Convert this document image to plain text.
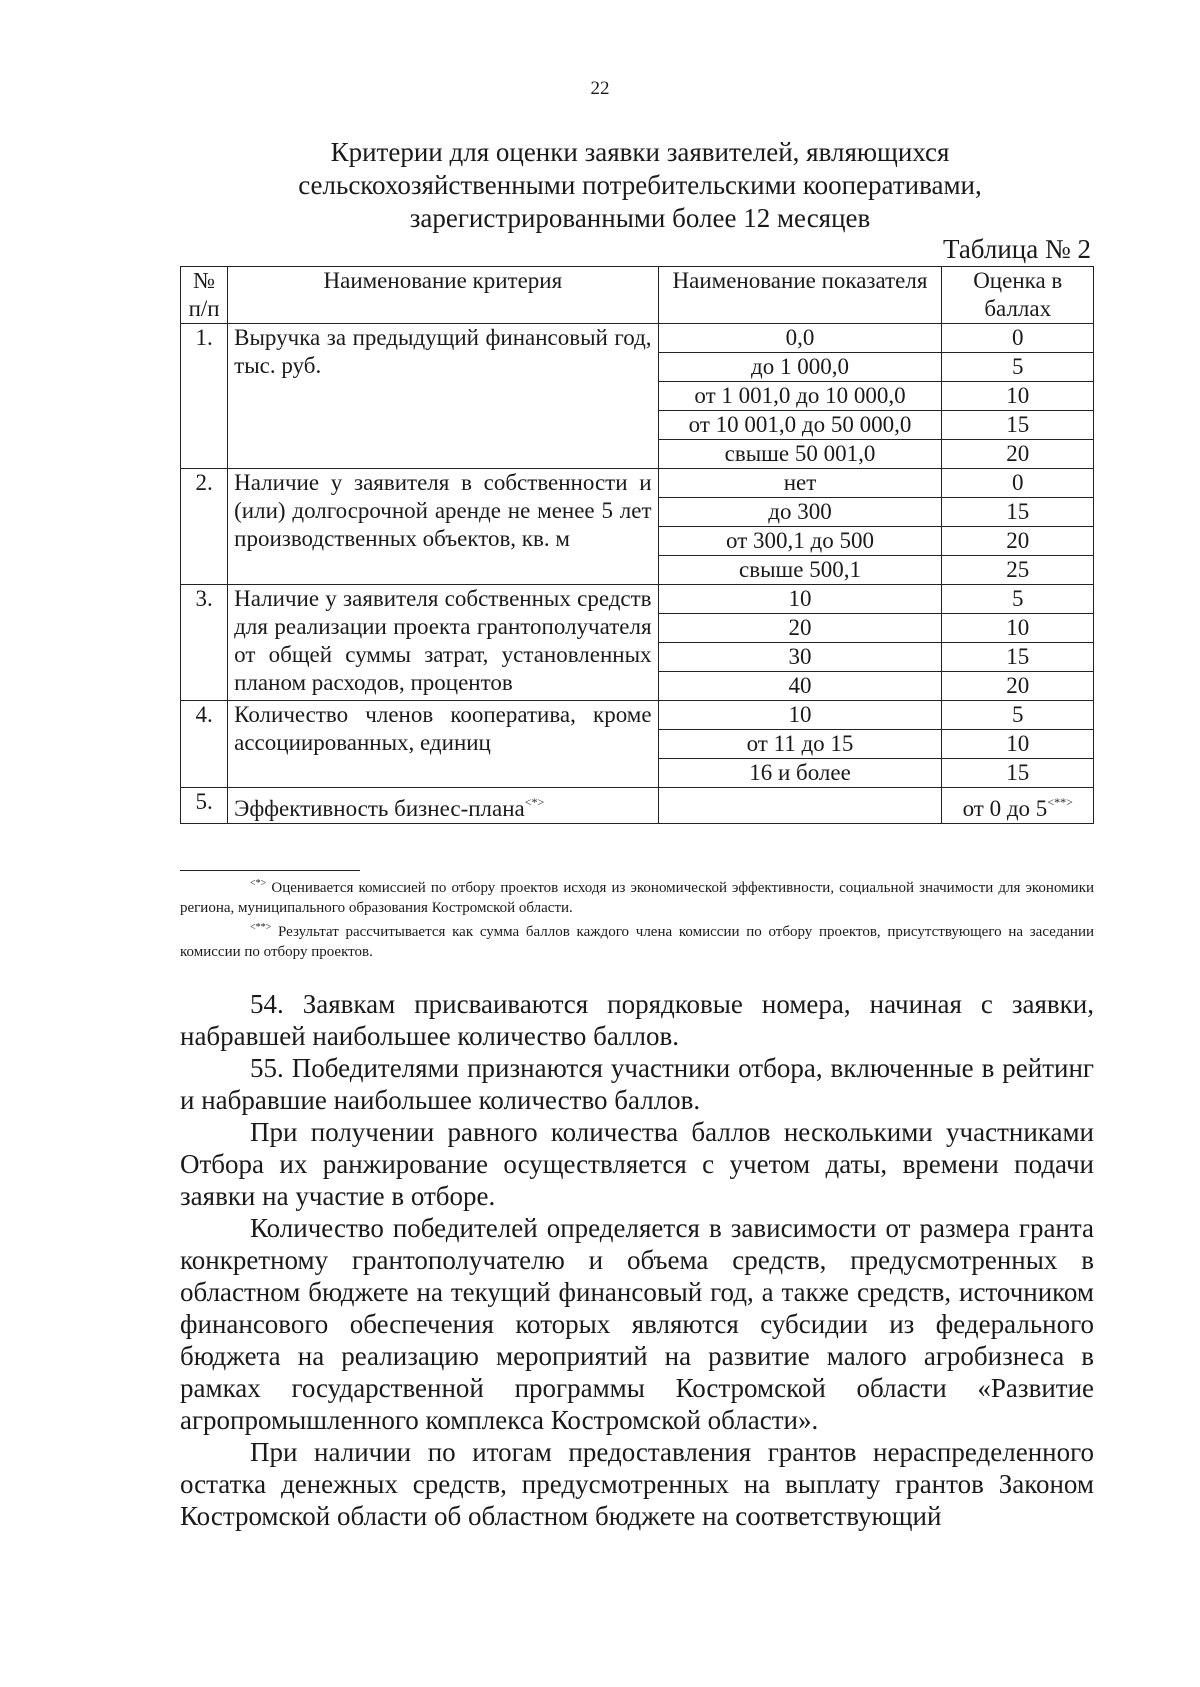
22
Критерии для оценки заявки заявителей, являющихся
сельскохозяйственными потребительскими кооперативами,
зарегистрированными более 12 месяцев
Таблица № 2
№ п/п	Наименование критерия	Наименование показателя	Оценка в баллах
1.	Выручка за предыдущий финансовый год, тыс. руб.	0,0	0
		до 1 000,0	5
		от 1 001,0 до 10 000,0	10
		от 10 001,0 до 50 000,0	15
		свыше 50 001,0	20
2.	Наличие у заявителя в собственности и (или) долгосрочной аренде не менее 5 лет производственных объектов, кв. м	нет	0
		до 300	15
		от 300,1 до 500	20
		свыше 500,1	25
3.	Наличие у заявителя собственных средств для реализации проекта грантополучателя от общей суммы затрат, установленных планом расходов, процентов	10	5
		20	10
		30	15
		40	20
4.	Количество членов кооператива, кроме ассоциированных, единиц	10	5
		от 11 до 15	10
		16 и более	15
5.	Эффективность бизнес-плана<*>		от 0 до 5<**>

<*> Оценивается комиссией по отбору проектов исходя из экономической эффективности, социальной значимости для экономики региона, муниципального образования Костромской области.

<**> Результат рассчитывается как сумма баллов каждого члена комиссии по отбору проектов, присутствующего на заседании комиссии по отбору проектов.

54. Заявкам присваиваются порядковые номера, начиная с заявки, набравшей наибольшее количество баллов.

55. Победителями признаются участники отбора, включенные в рейтинг и набравшие наибольшее количество баллов.

При получении равного количества баллов несколькими участниками Отбора их ранжирование осуществляется с учетом даты, времени подачи заявки на участие в отборе.

Количество победителей определяется в зависимости от размера гранта конкретному грантополучателю и объема средств, предусмотренных в областном бюджете на текущий финансовый год, а также средств, источником финансового обеспечения которых являются субсидии из федерального бюджета на реализацию мероприятий на развитие малого агробизнеса в рамках государственной программы Костромской области «Развитие агропромышленного комплекса Костромской области».

При наличии по итогам предоставления грантов нераспределенного остатка денежных средств, предусмотренных на выплату грантов Законом Костромской области об областном бюджете на соответствующий
